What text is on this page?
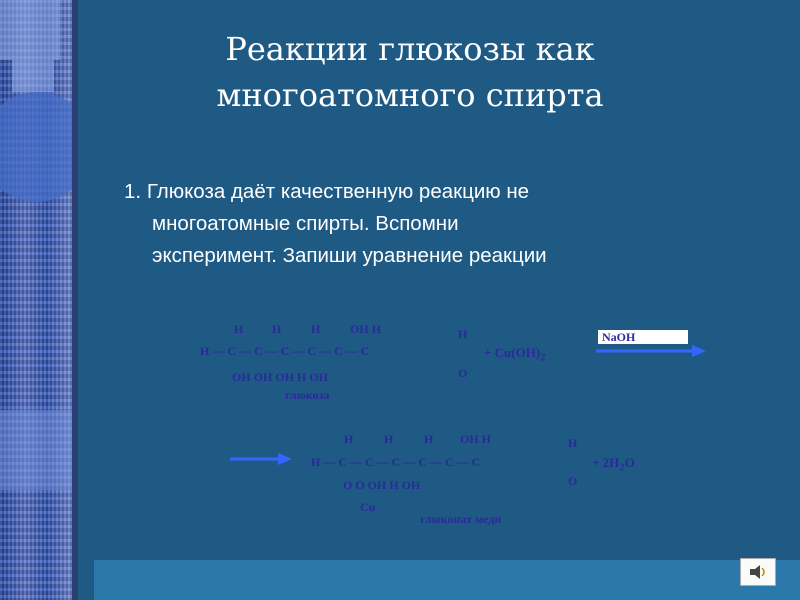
Реакции глюкозы как
многоатомного спирта
1. Глюкоза даёт качественную реакцию не
многоатомные спирты. Вспомни
эксперимент. Запиши уравнение реакции
H H H OH H
H — C — C — C — C — C — C
H
O
OH OH OH H OH
+ $Cu(OH)_2$
NaOH
глюкоза
H	H	H OH H
H — C — C — C — C — C — C
H
O
O O OH H OH
Cu
+ $2H_2O$
глюконат меди
